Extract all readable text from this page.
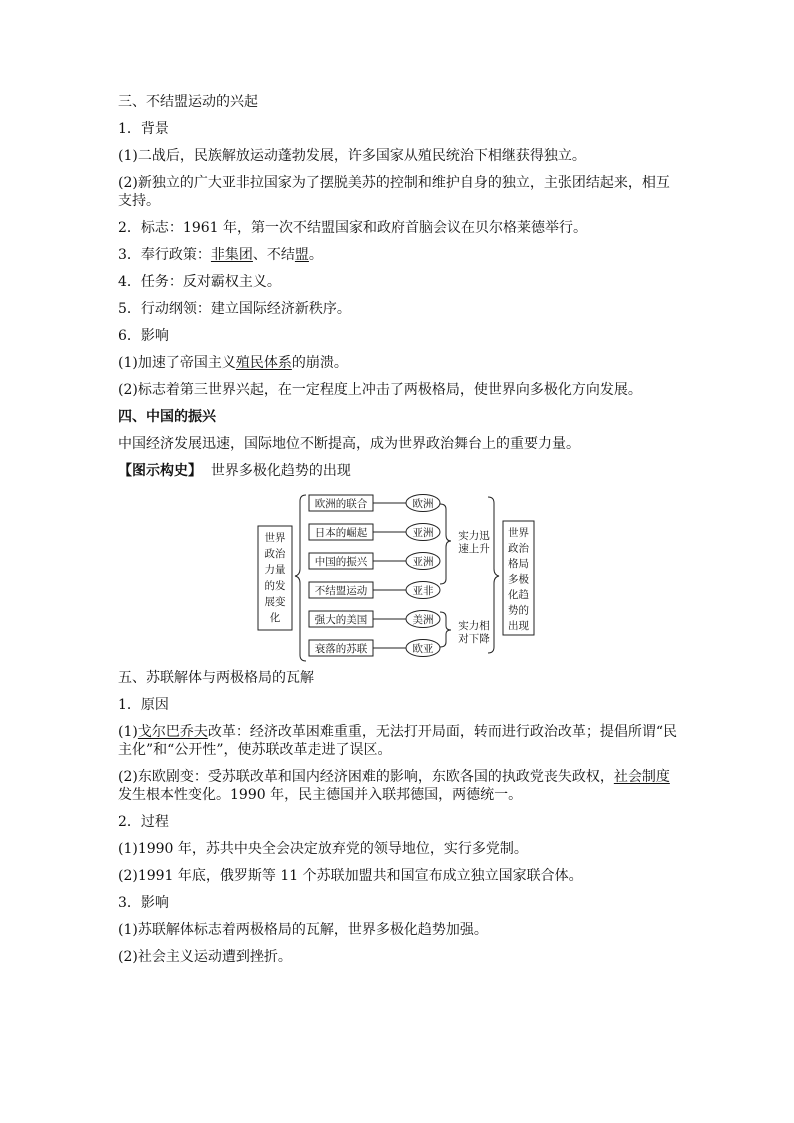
三、不结盟运动的兴起
1．背景
(1)二战后，民族解放运动蓬勃发展，许多国家从殖民统治下相继获得独立。
(2)新独立的广大亚非拉国家为了摆脱美苏的控制和维护自身的独立，主张团结起来，相互支持。
2．标志：1961 年，第一次不结盟国家和政府首脑会议在贝尔格莱德举行。
3．奉行政策：非集团、不结盟。
4．任务：反对霸权主义。
5．行动纲领：建立国际经济新秩序。
6．影响
(1)加速了帝国主义殖民体系的崩溃。
(2)标志着第三世界兴起，在一定程度上冲击了两极格局，使世界向多极化方向发展。
四、中国的振兴
中国经济发展迅速，国际地位不断提高，成为世界政治舞台上的重要力量。
【图示构史】 世界多极化趋势的出现
世界
政治
力量
的发
展变
化
欧洲的联合	欧洲
日本的崛起	亚洲
中国的振兴	亚洲
不结盟运动	亚非
强大的美国	美洲
衰落的苏联	欧亚
实力迅
速上升
实力相
对下降
世界
政治
格局
多极
化趋
势的
出现
五、苏联解体与两极格局的瓦解
1．原因
(1)戈尔巴乔夫改革：经济改革困难重重，无法打开局面，转而进行政治改革；提倡所谓“民主化”和“公开性”，使苏联改革走进了误区。
(2)东欧剧变：受苏联改革和国内经济困难的影响，东欧各国的执政党丧失政权，社会制度发生根本性变化。1990 年，民主德国并入联邦德国，两德统一。
2．过程
(1)1990 年，苏共中央全会决定放弃党的领导地位，实行多党制。
(2)1991 年底，俄罗斯等 11 个苏联加盟共和国宣布成立独立国家联合体。
3．影响
(1)苏联解体标志着两极格局的瓦解，世界多极化趋势加强。
(2)社会主义运动遭到挫折。
